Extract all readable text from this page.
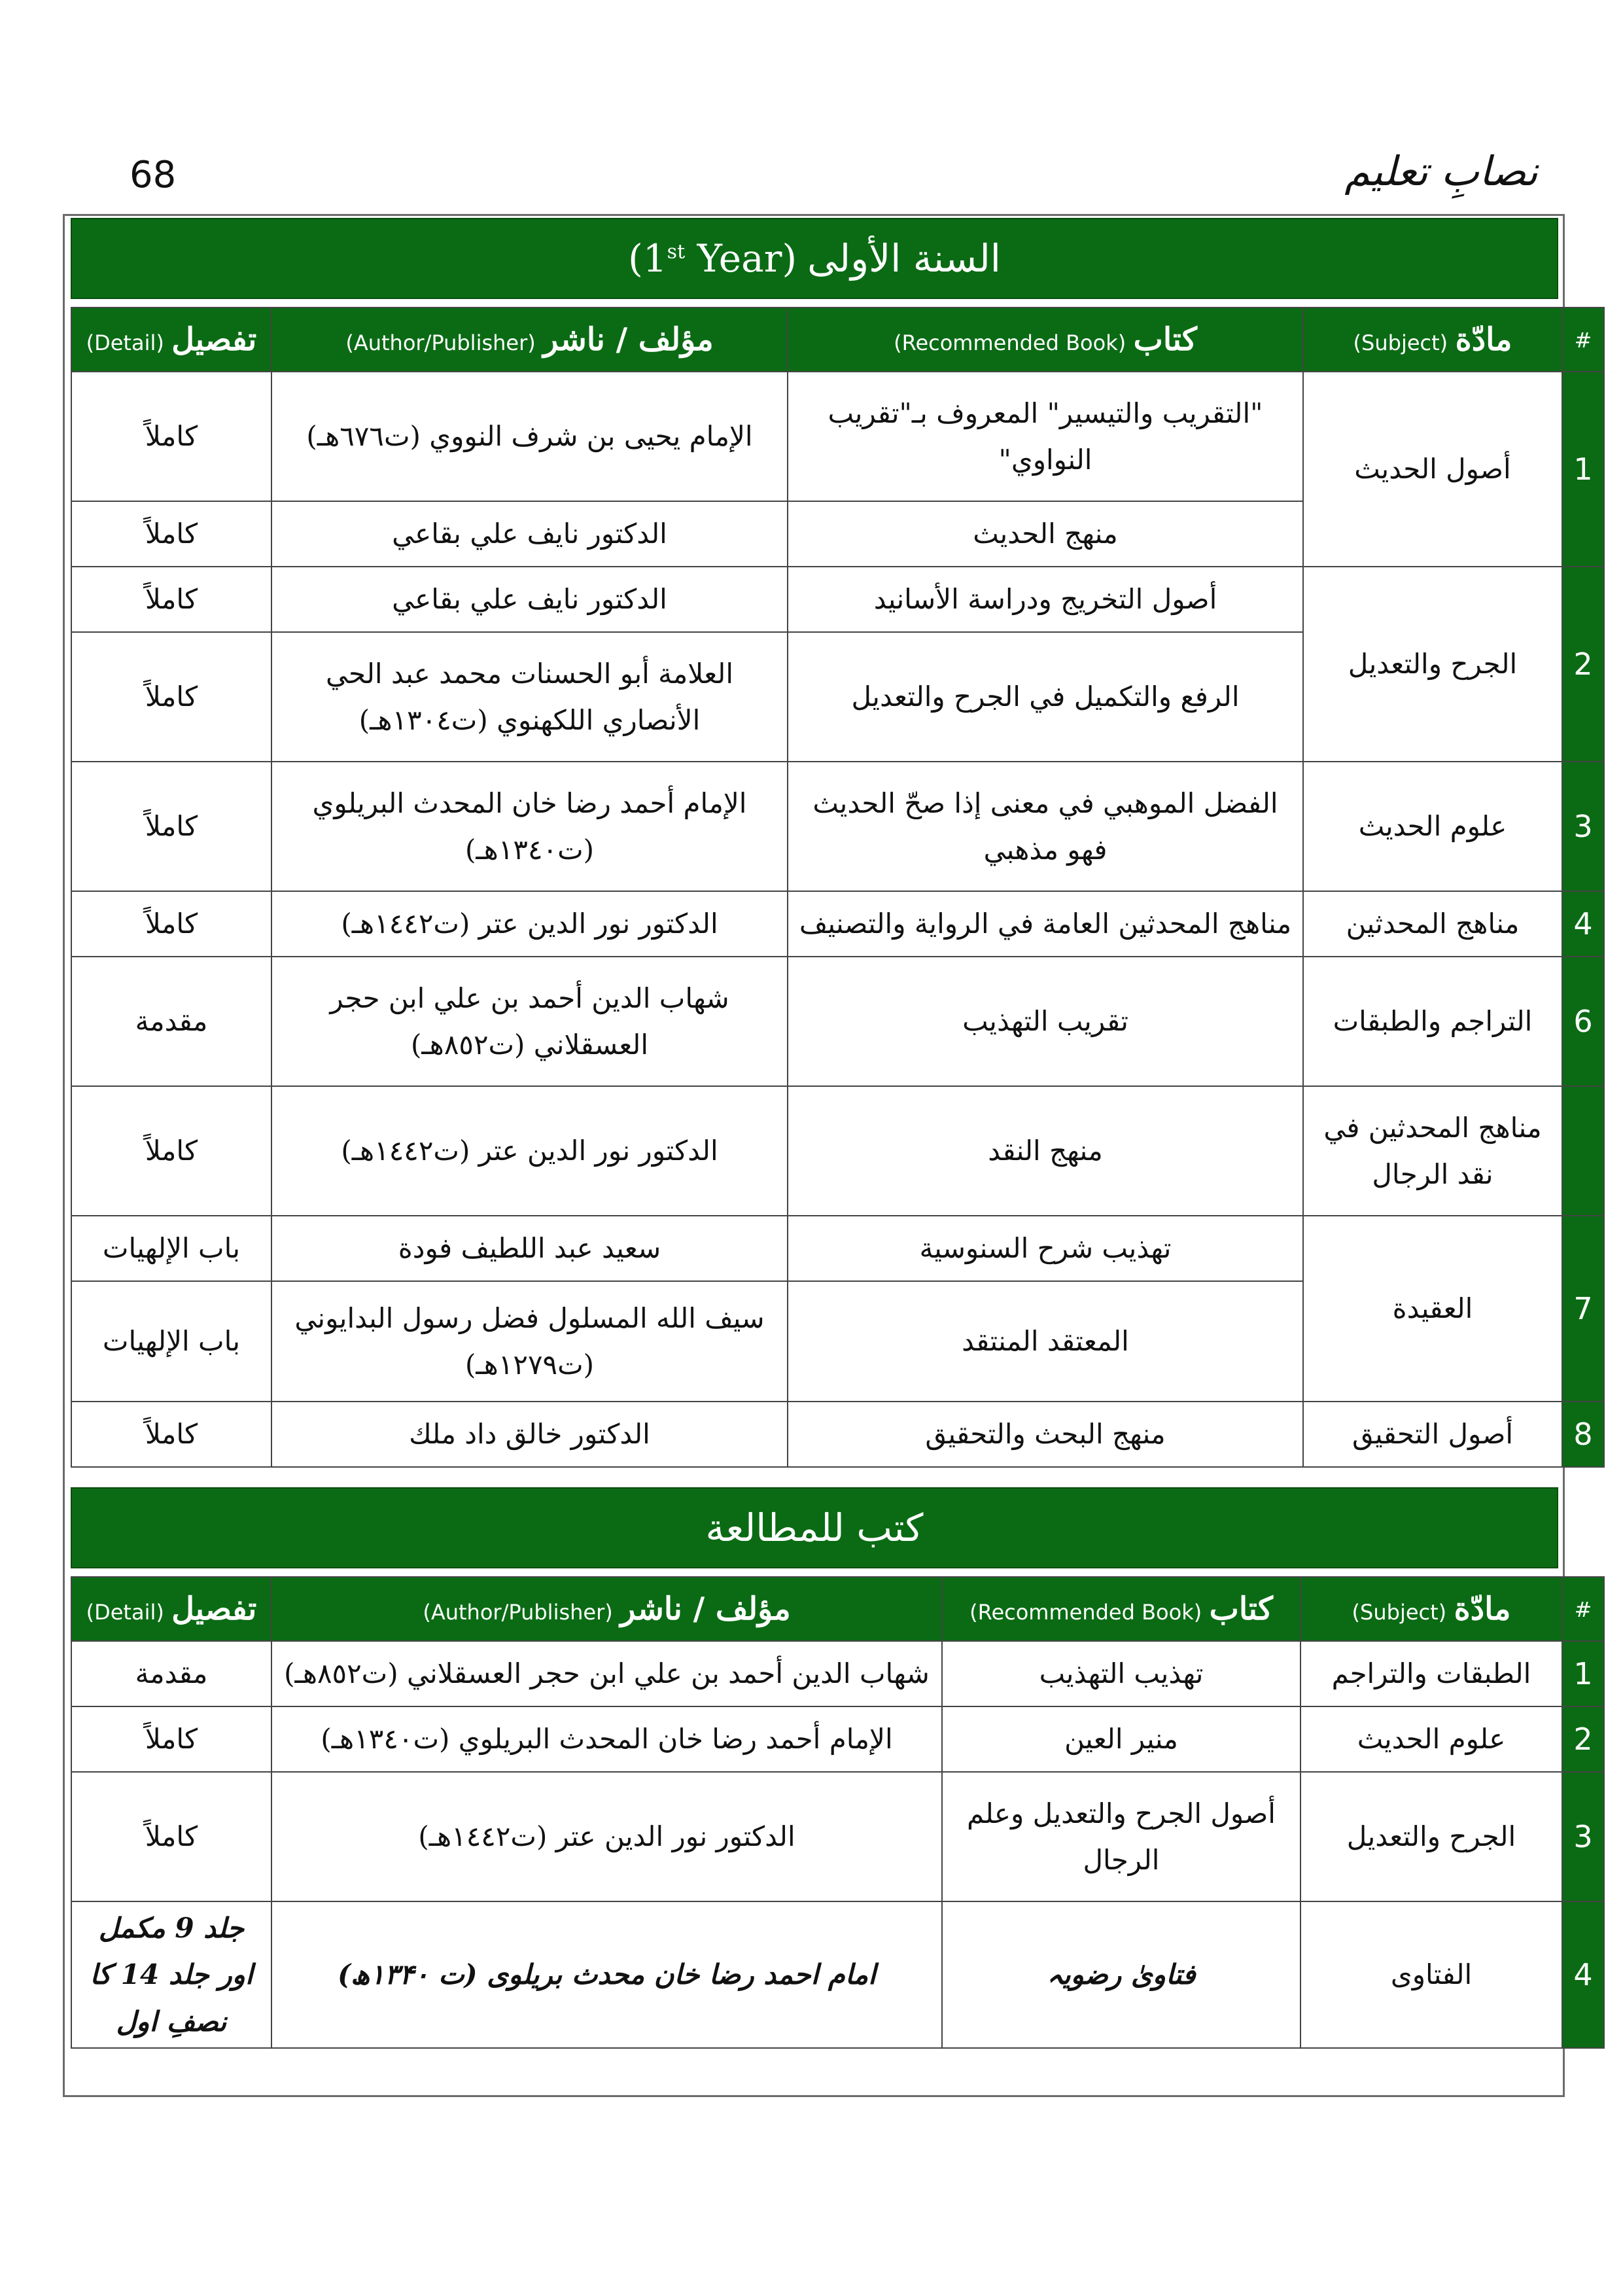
68	نصابِ تعلیم
السنة الأولى
(1st Year)
#	مادّة (Subject)	كتاب (Recommended Book)	مؤلف / ناشر (Author/Publisher)	تفصيل (Detail)
1	أصول الحديث	"التقريب والتيسير" المعروف بـ"تقريب النواوي"	الإمام يحيى بن شرف النووي (ت٦٧٦هـ)	كاملاً
		منهج الحديث	الدكتور نايف علي بقاعي	كاملاً
2	الجرح والتعديل	أصول التخريج ودراسة الأسانيد	الدكتور نايف علي بقاعي	كاملاً
		الرفع والتكميل في الجرح والتعديل	العلامة أبو الحسنات محمد عبد الحي الأنصاري اللكهنوي (ت١٣٠٤هـ)	كاملاً
3	علوم الحديث	الفضل الموهبي في معنى إذا صحّ الحديث فهو مذهبي	الإمام أحمد رضا خان المحدث البريلوي (ت١٣٤٠هـ)	كاملاً
4	مناهج المحدثين	مناهج المحدثين العامة في الرواية والتصنيف	الدكتور نور الدين عتر (ت١٤٤٢هـ)	كاملاً
6	التراجم والطبقات	تقريب التهذيب	شهاب الدين أحمد بن علي ابن حجر العسقلاني (ت٨٥٢هـ)	مقدمة
	مناهج المحدثين في نقد الرجال	منهج النقد	الدكتور نور الدين عتر (ت١٤٤٢هـ)	كاملاً
7	العقيدة	تهذيب شرح السنوسية	سعيد عبد اللطيف فودة	باب الإلهيات
		المعتقد المنتقد	سيف الله المسلول فضل رسول البدايوني (ت١٢٧٩هـ)	باب الإلهيات
8	أصول التحقيق	منهج البحث والتحقيق	الدكتور خالق داد ملك	كاملاً
كتب للمطالعة
#	مادّة (Subject)	كتاب (Recommended Book)	مؤلف / ناشر (Author/Publisher)	تفصيل (Detail)
1	الطبقات والتراجم	تهذيب التهذيب	شهاب الدين أحمد بن علي ابن حجر العسقلاني (ت٨٥٢هـ)	مقدمة
2	علوم الحديث	منير العين	الإمام أحمد رضا خان المحدث البريلوي (ت١٣٤٠هـ)	كاملاً
3	الجرح والتعديل	أصول الجرح والتعديل وعلم الرجال	الدكتور نور الدين عتر (ت١٤٤٢هـ)	كاملاً
4	الفتاوى	فتاویٰ رضویہ	امام احمد رضا خان محدث بریلوی (ت ۱۳۴۰ھ)	جلد 9 مکمل اور جلد 14 کا نصفِ اول
